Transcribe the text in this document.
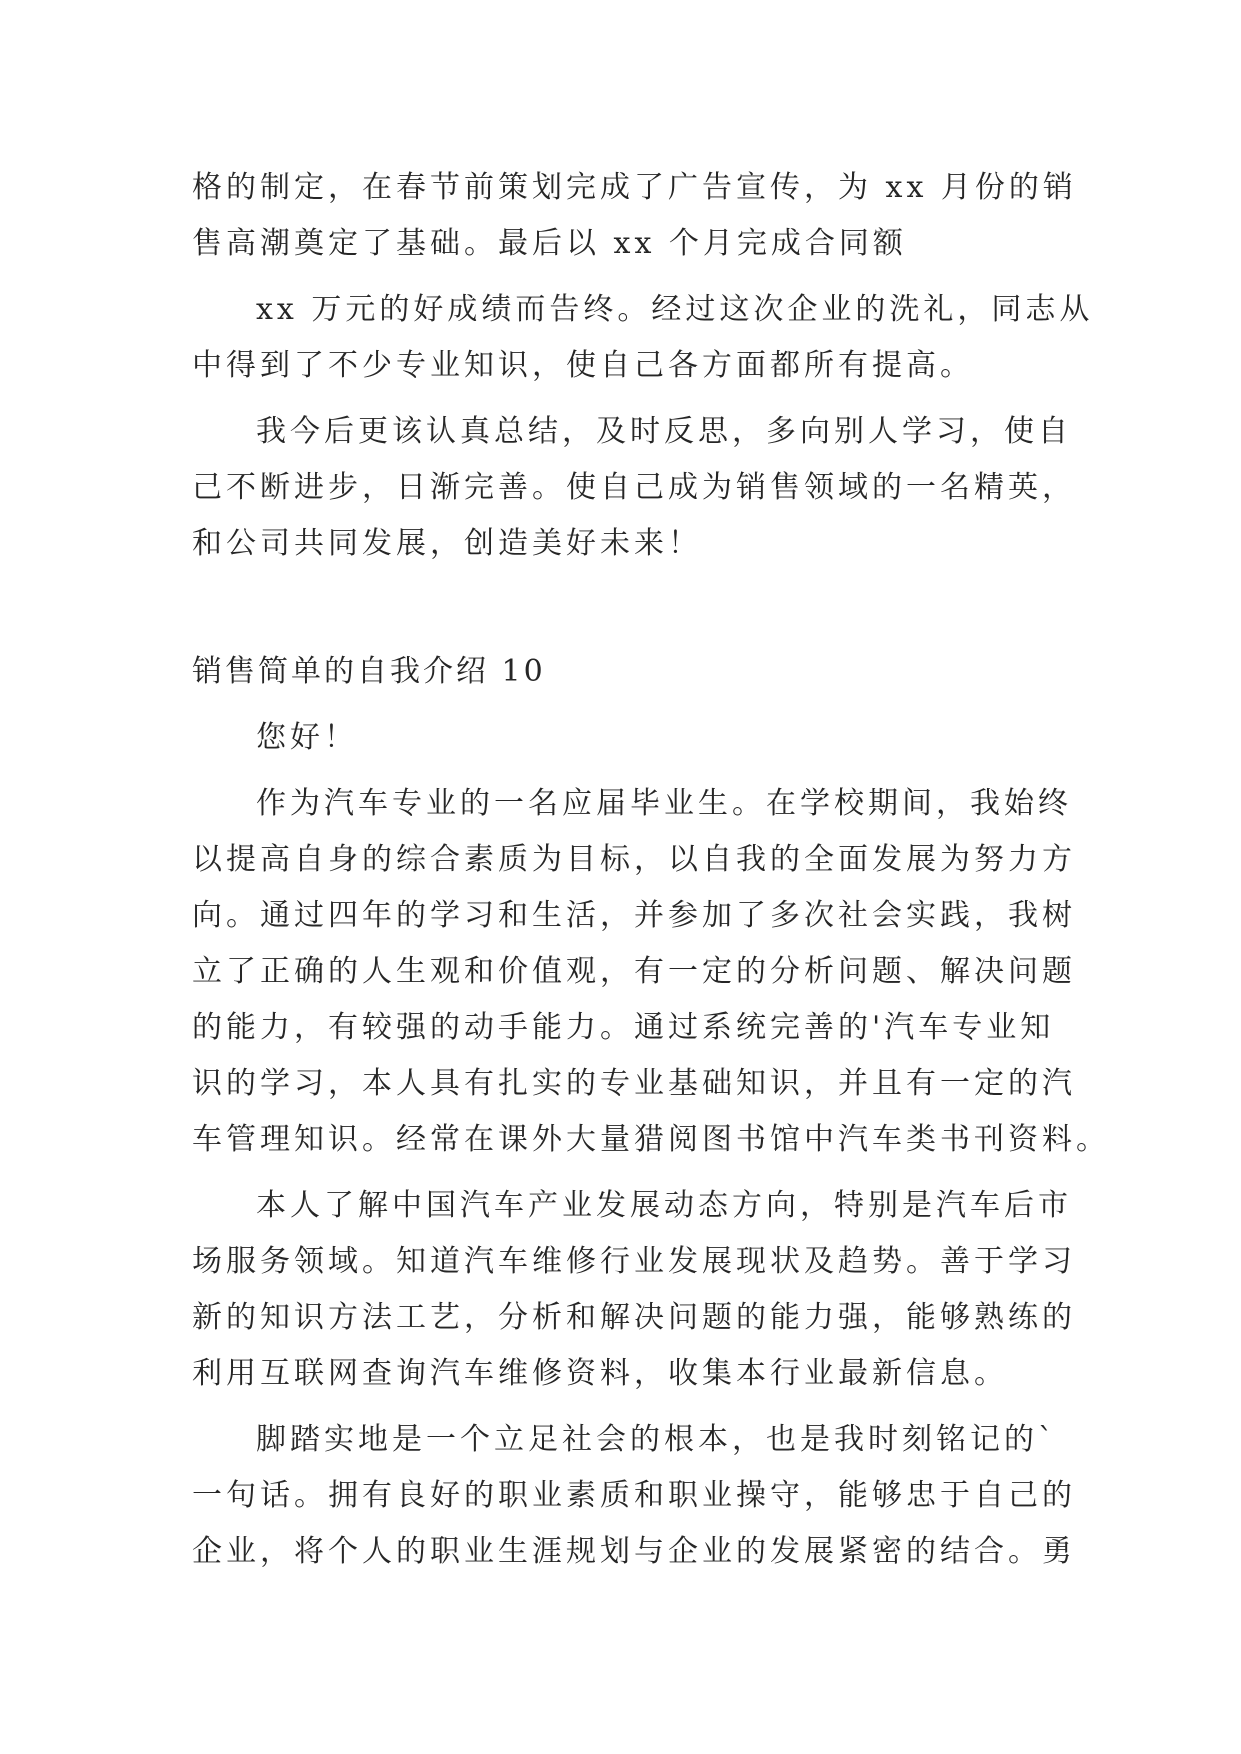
格的制定，在春节前策划完成了广告宣传，为 xx 月份的销
售高潮奠定了基础。最后以 xx 个月完成合同额
xx 万元的好成绩而告终。经过这次企业的洗礼，同志从
中得到了不少专业知识，使自己各方面都所有提高。
我今后更该认真总结，及时反思，多向别人学习，使自
己不断进步，日渐完善。使自己成为销售领域的一名精英，
和公司共同发展，创造美好未来！
销售简单的自我介绍 10
您好！
作为汽车专业的一名应届毕业生。在学校期间，我始终
以提高自身的综合素质为目标，以自我的全面发展为努力方
向。通过四年的学习和生活，并参加了多次社会实践，我树
立了正确的人生观和价值观，有一定的分析问题、解决问题
的能力，有较强的动手能力。通过系统完善的'汽车专业知
识的学习，本人具有扎实的专业基础知识，并且有一定的汽
车管理知识。经常在课外大量猎阅图书馆中汽车类书刊资料。
本人了解中国汽车产业发展动态方向，特别是汽车后市
场服务领域。知道汽车维修行业发展现状及趋势。善于学习
新的知识方法工艺，分析和解决问题的能力强，能够熟练的
利用互联网查询汽车维修资料，收集本行业最新信息。
脚踏实地是一个立足社会的根本，也是我时刻铭记的`
一句话。拥有良好的职业素质和职业操守，能够忠于自己的
企业，将个人的职业生涯规划与企业的发展紧密的结合。勇
